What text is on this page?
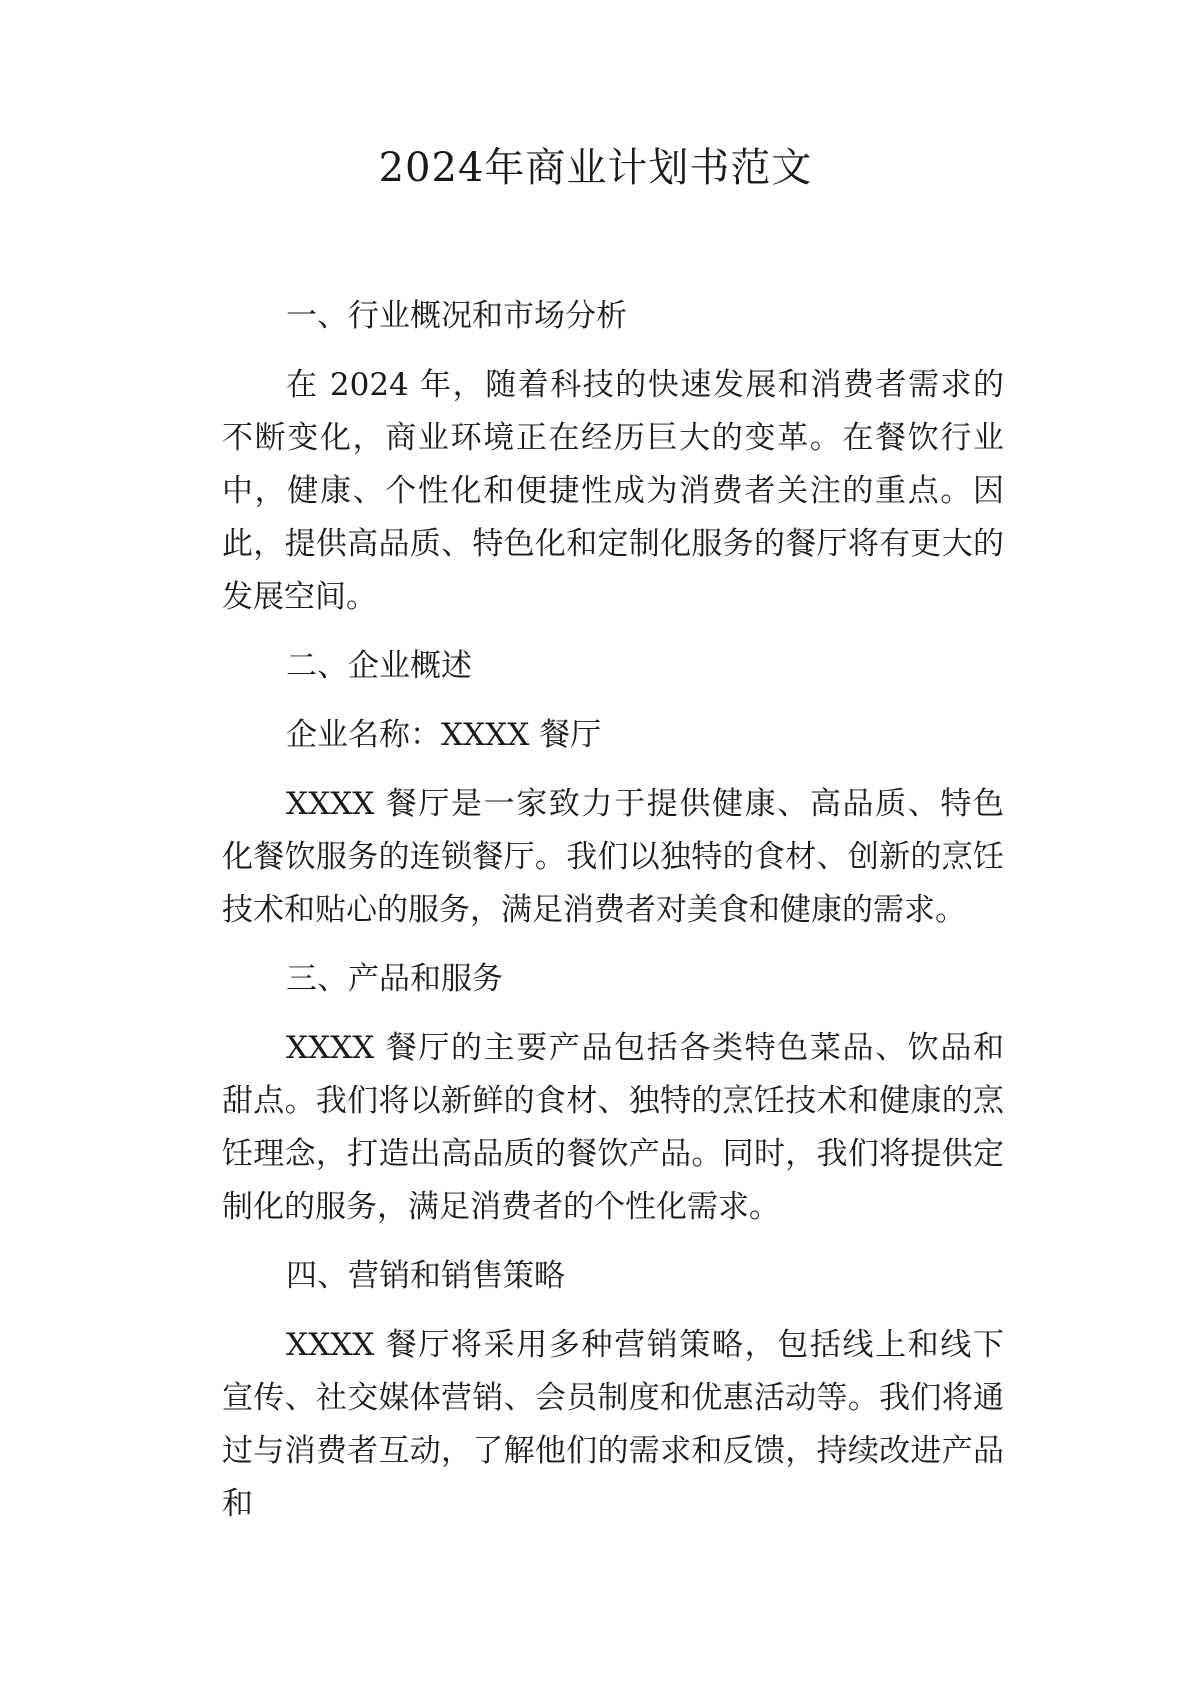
2024年商业计划书范文

一、行业概况和市场分析

在 2024 年，随着科技的快速发展和消费者需求的不断变化，商业环境正在经历巨大的变革。在餐饮行业中，健康、个性化和便捷性成为消费者关注的重点。因此，提供高品质、特色化和定制化服务的餐厅将有更大的发展空间。

二、企业概述

企业名称：XXXX 餐厅

XXXX 餐厅是一家致力于提供健康、高品质、特色化餐饮服务的连锁餐厅。我们以独特的食材、创新的烹饪技术和贴心的服务，满足消费者对美食和健康的需求。

三、产品和服务

XXXX 餐厅的主要产品包括各类特色菜品、饮品和甜点。我们将以新鲜的食材、独特的烹饪技术和健康的烹饪理念，打造出高品质的餐饮产品。同时，我们将提供定制化的服务，满足消费者的个性化需求。

四、营销和销售策略

XXXX 餐厅将采用多种营销策略，包括线上和线下宣传、社交媒体营销、会员制度和优惠活动等。我们将通过与消费者互动，了解他们的需求和反馈，持续改进产品和
